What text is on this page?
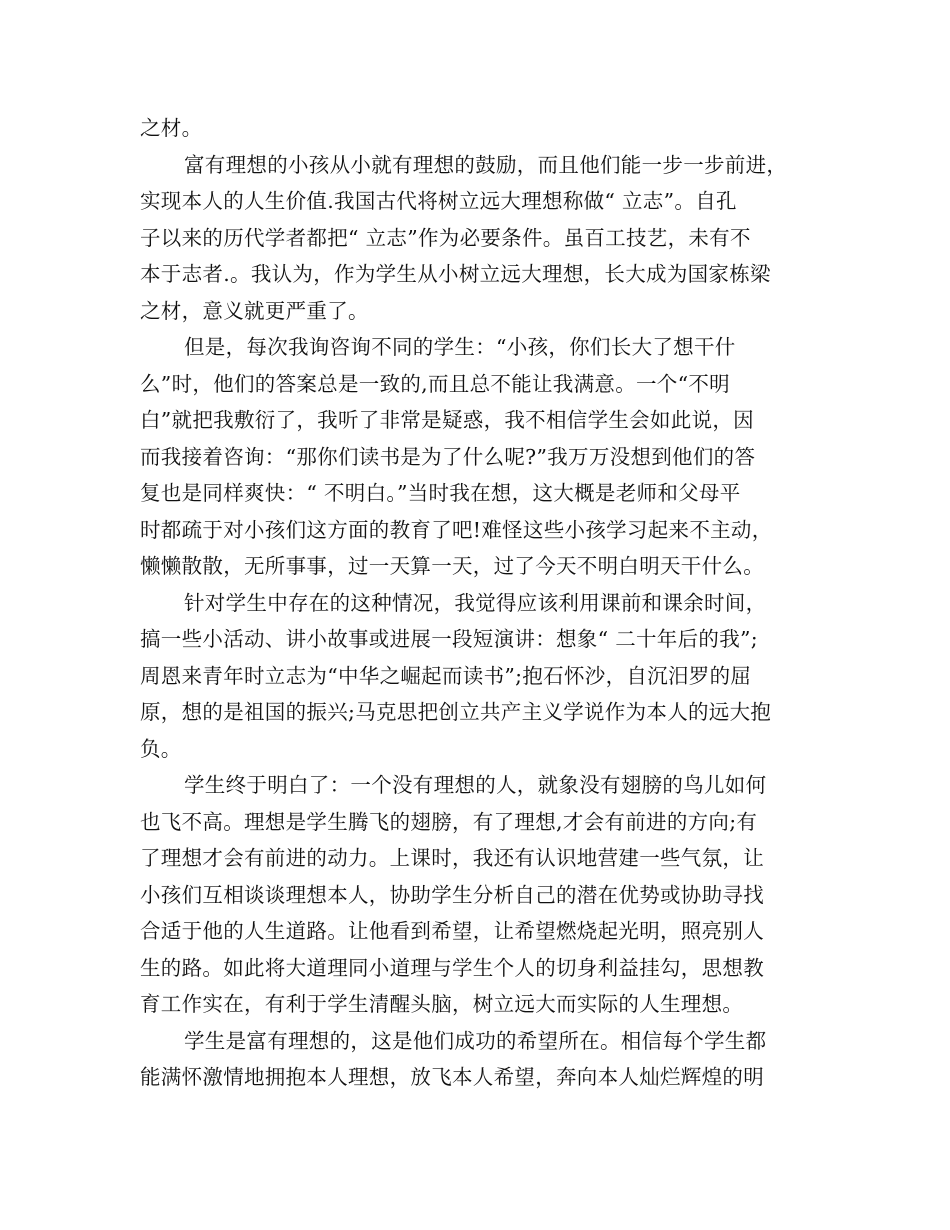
之材。
富有理想的小孩从小就有理想的鼓励，而且他们能一步一步前进，
实现本人的人生价值.我国古代将树立远大理想称做“ 立志”。自孔
子以来的历代学者都把“ 立志”作为必要条件。虽百工技艺，未有不
本于志者.。我认为，作为学生从小树立远大理想，长大成为国家栋梁
之材，意义就更严重了。
但是，每次我询咨询不同的学生：“小孩，你们长大了想干什
么”时，他们的答案总是一致的,而且总不能让我满意。一个“不明
白”就把我敷衍了，我听了非常是疑惑，我不相信学生会如此说，因
而我接着咨询：“那你们读书是为了什么呢?”我万万没想到他们的答
复也是同样爽快：“ 不明白。”当时我在想，这大概是老师和父母平
时都疏于对小孩们这方面的教育了吧!难怪这些小孩学习起来不主动，
懒懒散散，无所事事，过一天算一天，过了今天不明白明天干什么。
针对学生中存在的这种情况，我觉得应该利用课前和课余时间，
搞一些小活动、讲小故事或进展一段短演讲：想象“ 二十年后的我”;
周恩来青年时立志为“中华之崛起而读书”;抱石怀沙，自沉汨罗的屈
原，想的是祖国的振兴;马克思把创立共产主义学说作为本人的远大抱
负。
学生终于明白了：一个没有理想的人，就象没有翅膀的鸟儿如何
也飞不高。理想是学生腾飞的翅膀，有了理想,才会有前进的方向;有
了理想才会有前进的动力。上课时，我还有认识地营建一些气氛，让
小孩们互相谈谈理想本人，协助学生分析自己的潜在优势或协助寻找
合适于他的人生道路。让他看到希望，让希望燃烧起光明，照亮别人
生的路。如此将大道理同小道理与学生个人的切身利益挂勾，思想教
育工作实在，有利于学生清醒头脑，树立远大而实际的人生理想。
学生是富有理想的，这是他们成功的希望所在。相信每个学生都
能满怀激情地拥抱本人理想，放飞本人希望，奔向本人灿烂辉煌的明
